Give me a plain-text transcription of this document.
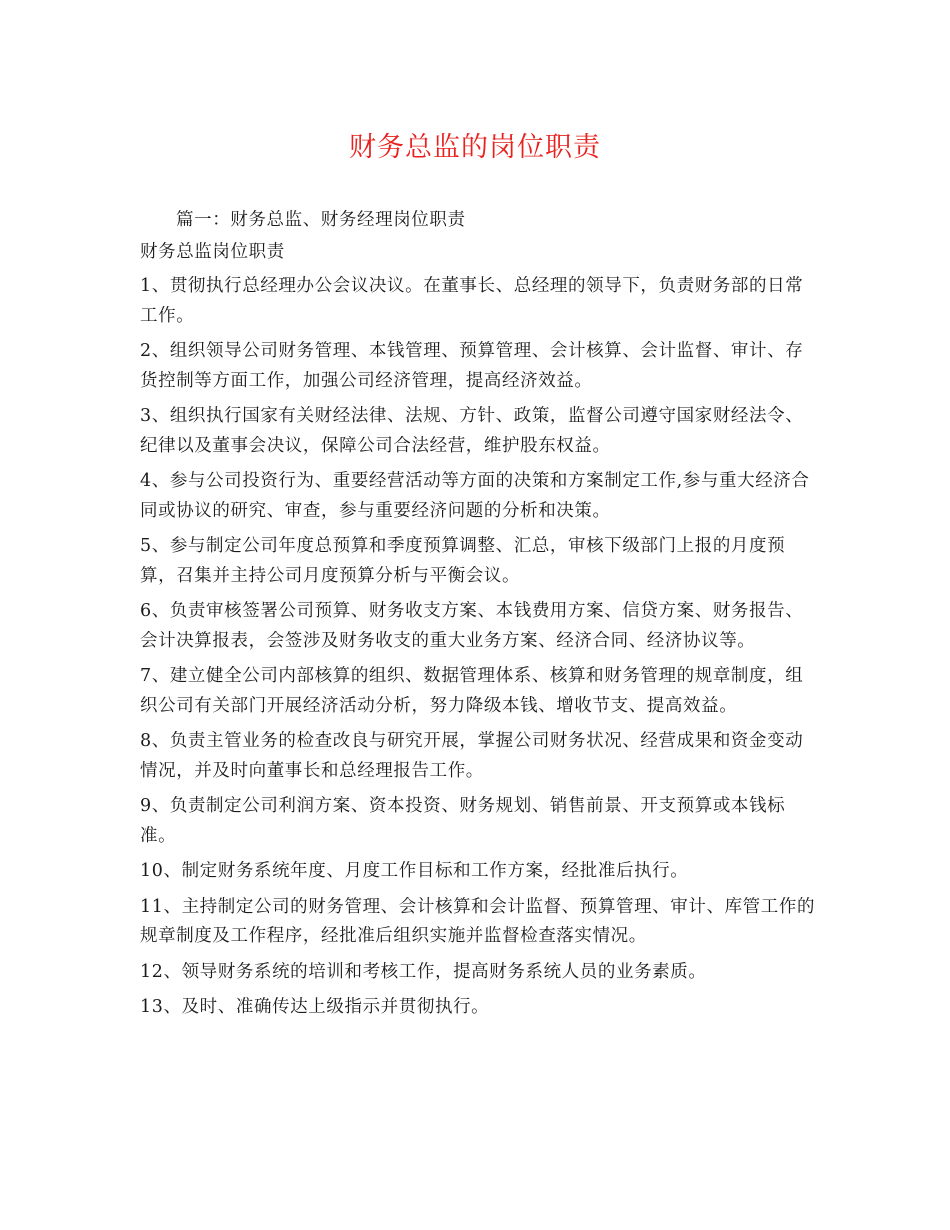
财务总监的岗位职责

篇一：财务总监、财务经理岗位职责

财务总监岗位职责

1、贯彻执行总经理办公会议决议。在董事长、总经理的领导下，负责财务部的日常工作。

2、组织领导公司财务管理、本钱管理、预算管理、会计核算、会计监督、审计、存货控制等方面工作，加强公司经济管理，提高经济效益。

3、组织执行国家有关财经法律、法规、方针、政策，监督公司遵守国家财经法令、纪律以及董事会决议，保障公司合法经营，维护股东权益。

4、参与公司投资行为、重要经营活动等方面的决策和方案制定工作,参与重大经济合同或协议的研究、审查，参与重要经济问题的分析和决策。

5、参与制定公司年度总预算和季度预算调整、汇总，审核下级部门上报的月度预算，召集并主持公司月度预算分析与平衡会议。

6、负责审核签署公司预算、财务收支方案、本钱费用方案、信贷方案、财务报告、会计决算报表，会签涉及财务收支的重大业务方案、经济合同、经济协议等。

7、建立健全公司内部核算的组织、数据管理体系、核算和财务管理的规章制度，组织公司有关部门开展经济活动分析，努力降级本钱、增收节支、提高效益。

8、负责主管业务的检查改良与研究开展，掌握公司财务状况、经营成果和资金变动情况，并及时向董事长和总经理报告工作。

9、负责制定公司利润方案、资本投资、财务规划、销售前景、开支预算或本钱标准。

10、制定财务系统年度、月度工作目标和工作方案，经批准后执行。

11、主持制定公司的财务管理、会计核算和会计监督、预算管理、审计、库管工作的规章制度及工作程序，经批准后组织实施并监督检查落实情况。

12、领导财务系统的培训和考核工作，提高财务系统人员的业务素质。

13、及时、准确传达上级指示并贯彻执行。
